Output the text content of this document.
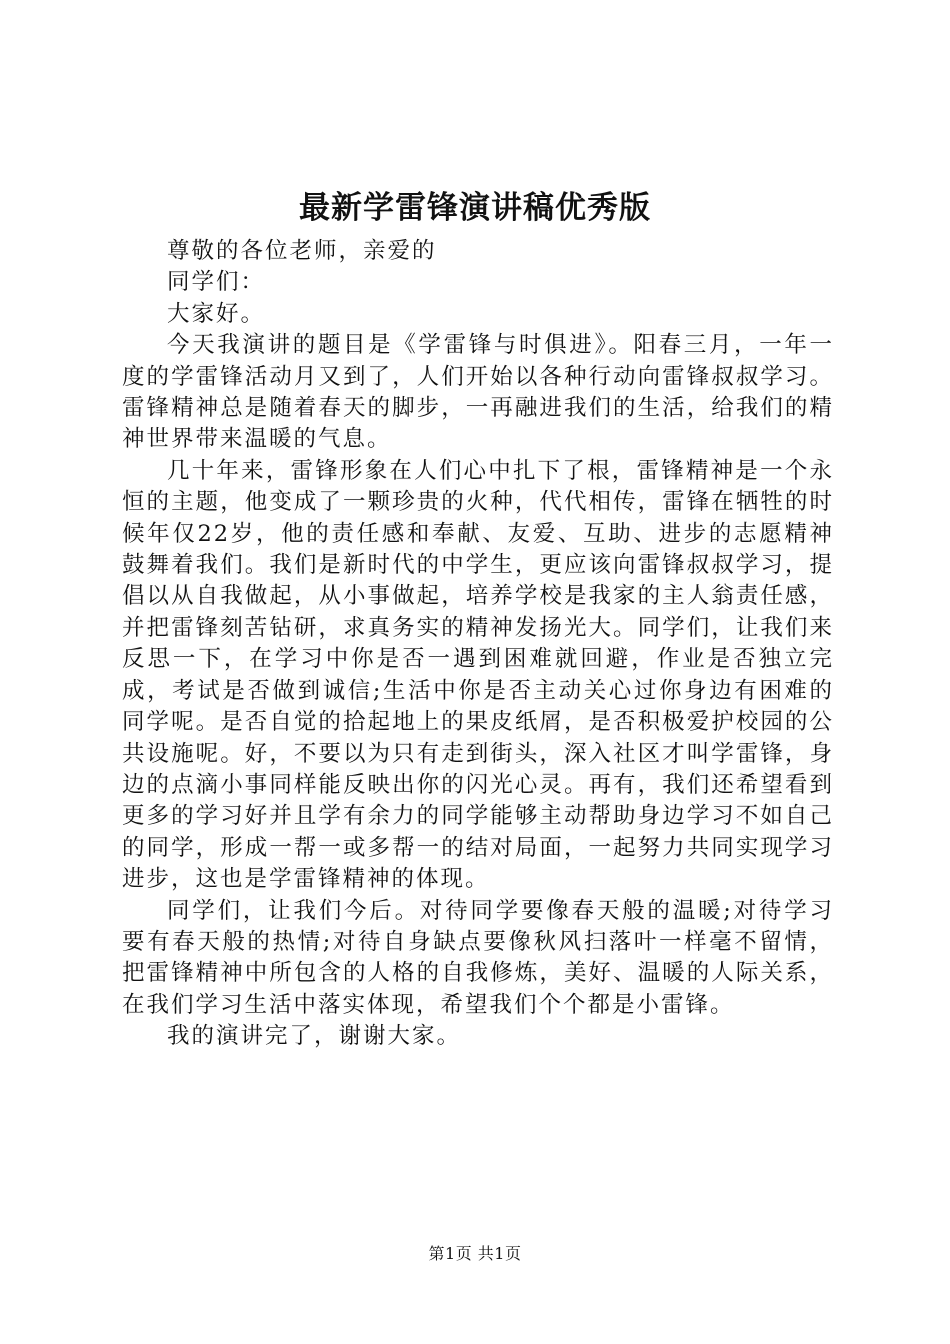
最新学雷锋演讲稿优秀版

尊敬的各位老师，亲爱的

同学们：

大家好。

今天我演讲的题目是《学雷锋与时俱进》。阳春三月，一年一度的学雷锋活动月又到了，人们开始以各种行动向雷锋叔叔学习。雷锋精神总是随着春天的脚步，一再融进我们的生活，给我们的精神世界带来温暖的气息。

几十年来，雷锋形象在人们心中扎下了根，雷锋精神是一个永恒的主题，他变成了一颗珍贵的火种，代代相传，雷锋在牺牲的时候年仅22岁，他的责任感和奉献、友爱、互助、进步的志愿精神鼓舞着我们。我们是新时代的中学生，更应该向雷锋叔叔学习，提倡以从自我做起，从小事做起，培养学校是我家的主人翁责任感，并把雷锋刻苦钻研，求真务实的精神发扬光大。同学们，让我们来反思一下，在学习中你是否一遇到困难就回避，作业是否独立完成，考试是否做到诚信;生活中你是否主动关心过你身边有困难的同学呢。是否自觉的拾起地上的果皮纸屑，是否积极爱护校园的公共设施呢。好，不要以为只有走到街头，深入社区才叫学雷锋，身边的点滴小事同样能反映出你的闪光心灵。再有，我们还希望看到更多的学习好并且学有余力的同学能够主动帮助身边学习不如自己的同学，形成一帮一或多帮一的结对局面，一起努力共同实现学习进步，这也是学雷锋精神的体现。

同学们，让我们今后。对待同学要像春天般的温暖;对待学习要有春天般的热情;对待自身缺点要像秋风扫落叶一样毫不留情，把雷锋精神中所包含的人格的自我修炼，美好、温暖的人际关系，在我们学习生活中落实体现，希望我们个个都是小雷锋。

我的演讲完了，谢谢大家。

第1页 共1页
